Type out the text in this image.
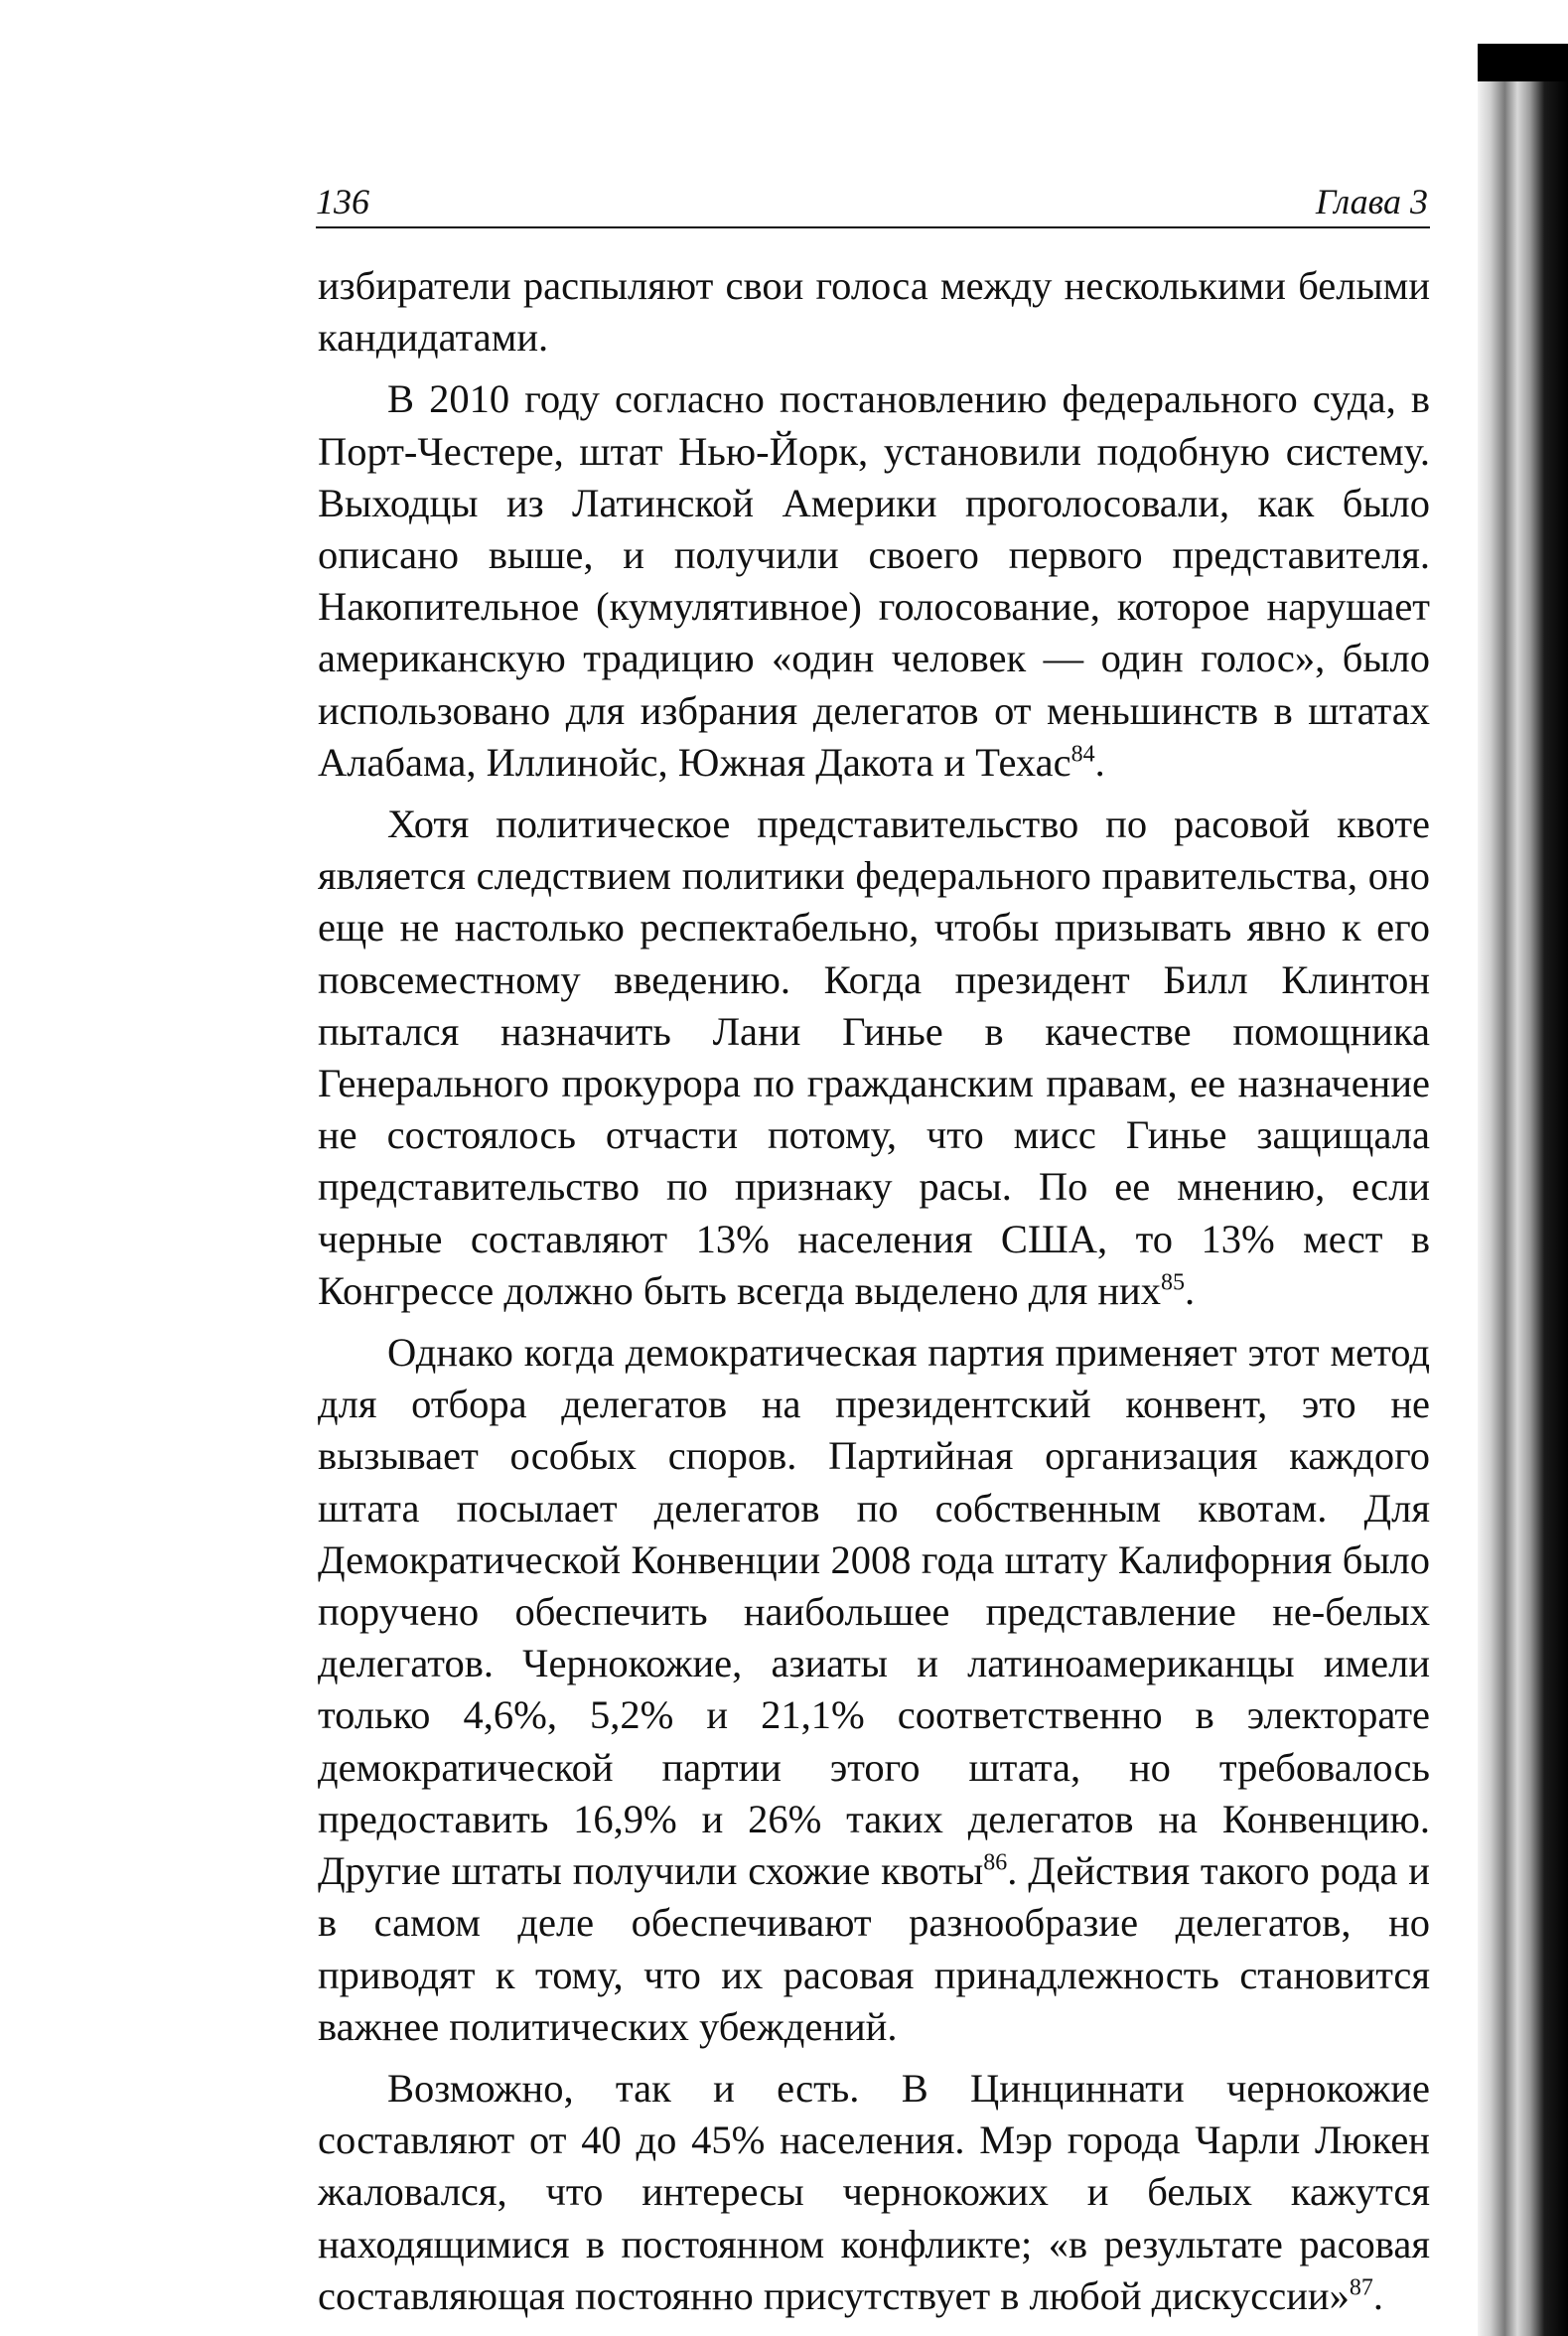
136	Глава 3

избиратели распыляют свои голоса между несколькими белыми кандидатами.

В 2010 году согласно постановлению федерального суда, в Порт-Честере, штат Нью-Йорк, установили подобную систему. Выходцы из Латинской Америки проголосовали, как было описано выше, и получили своего первого представителя. Накопительное (кумулятивное) голосование, которое нарушает американскую традицию «один человек — один голос», было использовано для избрания делегатов от меньшинств в штатах Алабама, Иллинойс, Южная Дакота и Техас$^{84}$.

Хотя политическое представительство по расовой квоте является следствием политики федерального правительства, оно еще не настолько респектабельно, чтобы призывать явно к его повсеместному введению. Когда президент Билл Клинтон пытался назначить Лани Гинье в качестве помощника Генерального прокурора по гражданским правам, ее назначение не состоялось отчасти потому, что мисс Гинье защищала представительство по признаку расы. По ее мнению, если черные составляют 13% населения США, то 13% мест в Конгрессе должно быть всегда выделено для них$^{85}$.

Однако когда демократическая партия применяет этот метод для отбора делегатов на президентский конвент, это не вызывает особых споров. Партийная организация каждого штата посылает делегатов по собственным квотам. Для Демократической Конвенции 2008 года штату Калифорния было поручено обеспечить наибольшее представление не-белых делегатов. Чернокожие, азиаты и латиноамериканцы имели только 4,6%, 5,2% и 21,1% соответственно в электорате демократической партии этого штата, но требовалось предоставить 16,9% и 26% таких делегатов на Конвенцию. Другие штаты получили схожие квоты$^{86}$. Действия такого рода и в самом деле обеспечивают разнообразие делегатов, но приводят к тому, что их расовая принадлежность становится важнее политических убеждений.

Возможно, так и есть. В Цинциннати чернокожие составляют от 40 до 45% населения. Мэр города Чарли Люкен жаловался, что интересы чернокожих и белых кажутся находящимися в постоянном конфликте; «в результате расовая составляющая постоянно присутствует в любой дискуссии»$^{87}$.
